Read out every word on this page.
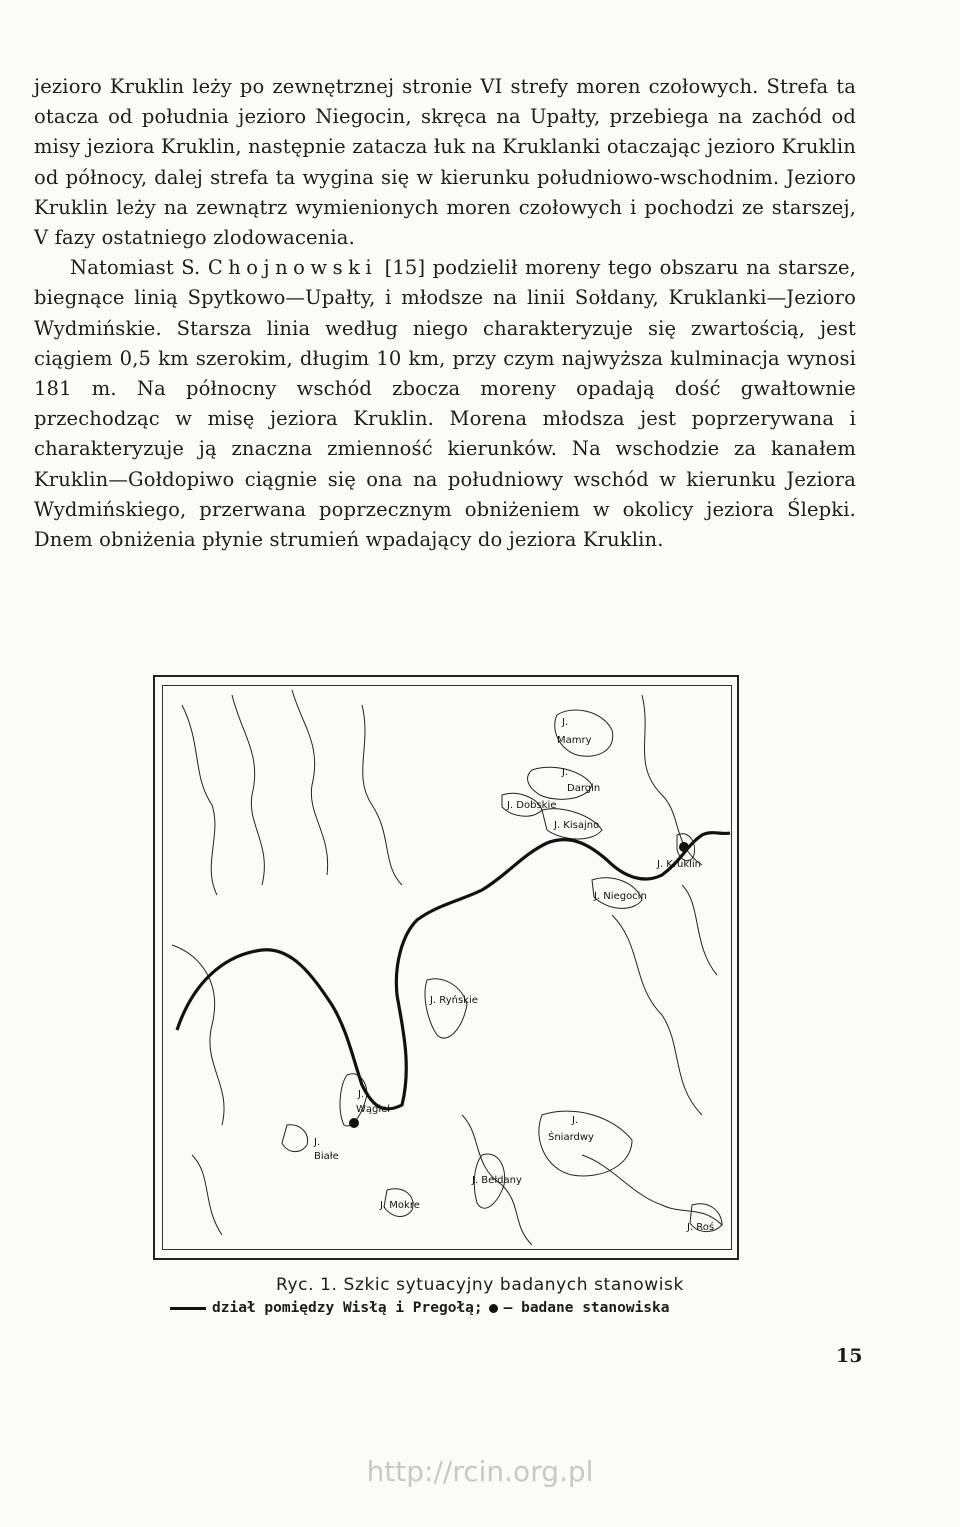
jezioro Kruklin leży po zewnętrznej stronie VI strefy moren czołowych. Strefa ta otacza od południa jezioro Niegocin, skręca na Upałty, przebiega na zachód od misy jeziora Kruklin, następnie zatacza łuk na Kruklanki otaczając jezioro Kruklin od północy, dalej strefa ta wygina się w kierunku południowo-wschodnim. Jezioro Kruklin leży na zewnątrz wymienionych moren czołowych i pochodzi ze starszej, V fazy ostatniego zlodowacenia.

Natomiast S. Chojnowski [15] podzielił moreny tego obszaru na starsze, biegnące linią Spytkowo—Upałty, i młodsze na linii Sołdany, Kruklanki—Jezioro Wydmińskie. Starsza linia według niego charakteryzuje się zwartością, jest ciągiem 0,5 km szerokim, długim 10 km, przy czym najwyższa kulminacja wynosi 181 m. Na północny wschód zbocza moreny opadają dość gwałtownie przechodząc w misę jeziora Kruklin. Morena młodsza jest poprzerywana i charakteryzuje ją znaczna zmienność kierunków. Na wschodzie za kanałem Kruklin—Gołdopiwo ciągnie się ona na południowy wschód w kierunku Jeziora Wydmińskiego, przerwana poprzecznym obniżeniem w okolicy jeziora Ślepki. Dnem obniżenia płynie strumień wpadający do jeziora Kruklin.

J.
Mamry
J.
Dargin
J. Dobskie
J. Kisajno
J. Kruklin
J. Niegocin
J. Ryńskie
J.
Wągiel
J.
Białe
J.
Śniardwy
J. Bełdany
J. Mokre
J. Roś
Ryc. 1. Szkic sytuacyjny badanych stanowisk
dział pomiędzy Wisłą i Pregołą; — badane stanowiska
15
http://rcin.org.pl
